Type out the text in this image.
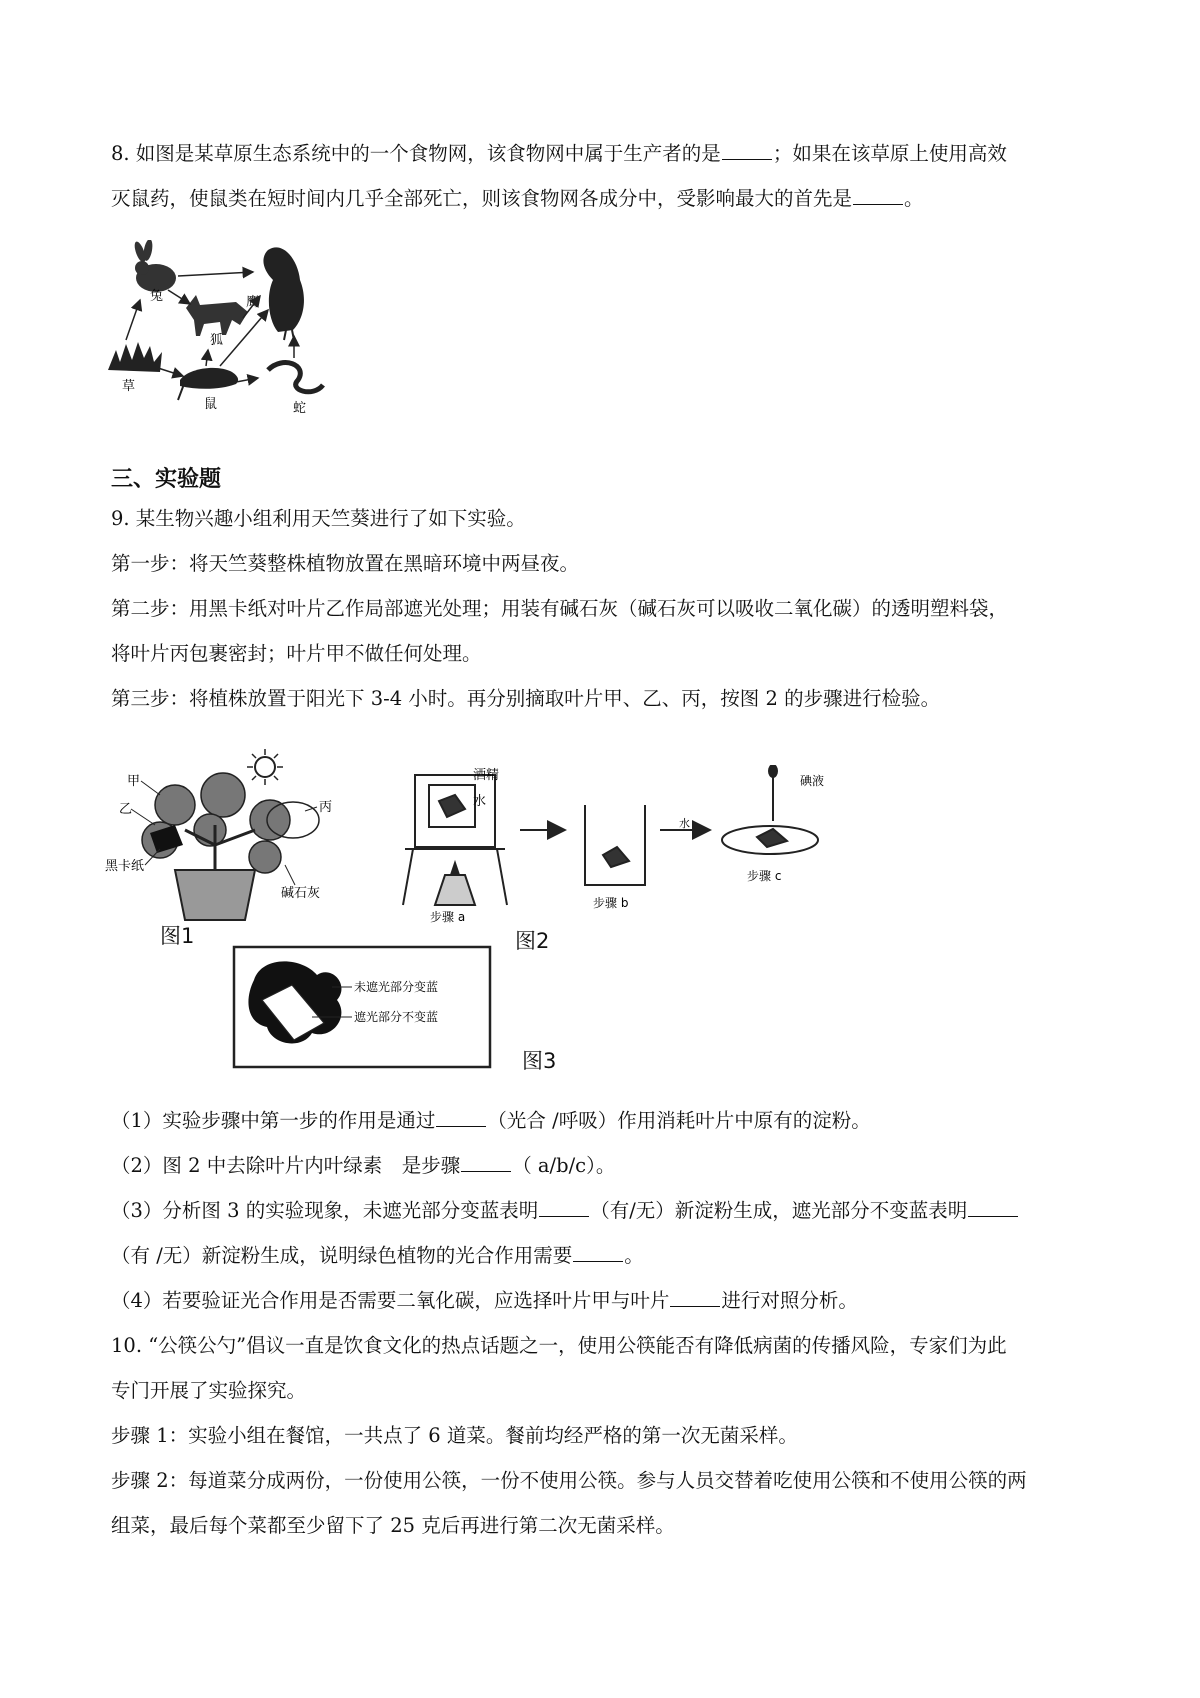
8. 如图是某草原生态系统中的一个食物网，该食物网中属于生产者的是	；如果在该草原上使用高效
灭鼠药，使鼠类在短时间内几乎全部死亡，则该食物网各成分中，受影响最大的首先是	。
兔	鹰
狐
草
鼠	蛇
三、实验题
9. 某生物兴趣小组利用天竺葵进行了如下实验。
第一步：将天竺葵整株植物放置在黑暗环境中两昼夜。
第二步：用黑卡纸对叶片乙作局部遮光处理；用装有碱石灰（碱石灰可以吸收二氧化碳）的透明塑料袋，
将叶片丙包裹密封；叶片甲不做任何处理。
第三步：将植株放置于阳光下 3-4 小时。再分别摘取叶片甲、乙、丙，按图 2 的步骤进行检验。
甲
乙	丙
黑卡纸
碱石灰
图1
酒精
水
步骤 a
步骤 b
水
碘液
步骤 c
图2
未遮光部分变蓝
遮光部分不变蓝
图3
（1）实验步骤中第一步的作用是通过	（光合 /呼吸）作用消耗叶片中原有的淀粉。
（2）图 2 中去除叶片内叶绿素　是步骤	（ a/b/c）。
（3）分析图 3 的实验现象，未遮光部分变蓝表明	（有/无）新淀粉生成，遮光部分不变蓝表明
（有 /无）新淀粉生成，说明绿色植物的光合作用需要	。
（4）若要验证光合作用是否需要二氧化碳，应选择叶片甲与叶片	进行对照分析。
10. “公筷公勺”倡议一直是饮食文化的热点话题之一，使用公筷能否有降低病菌的传播风险，专家们为此
专门开展了实验探究。
步骤 1：实验小组在餐馆，一共点了 6 道菜。餐前均经严格的第一次无菌采样。
步骤 2：每道菜分成两份，一份使用公筷，一份不使用公筷。参与人员交替着吃使用公筷和不使用公筷的两
组菜，最后每个菜都至少留下了 25 克后再进行第二次无菌采样。
